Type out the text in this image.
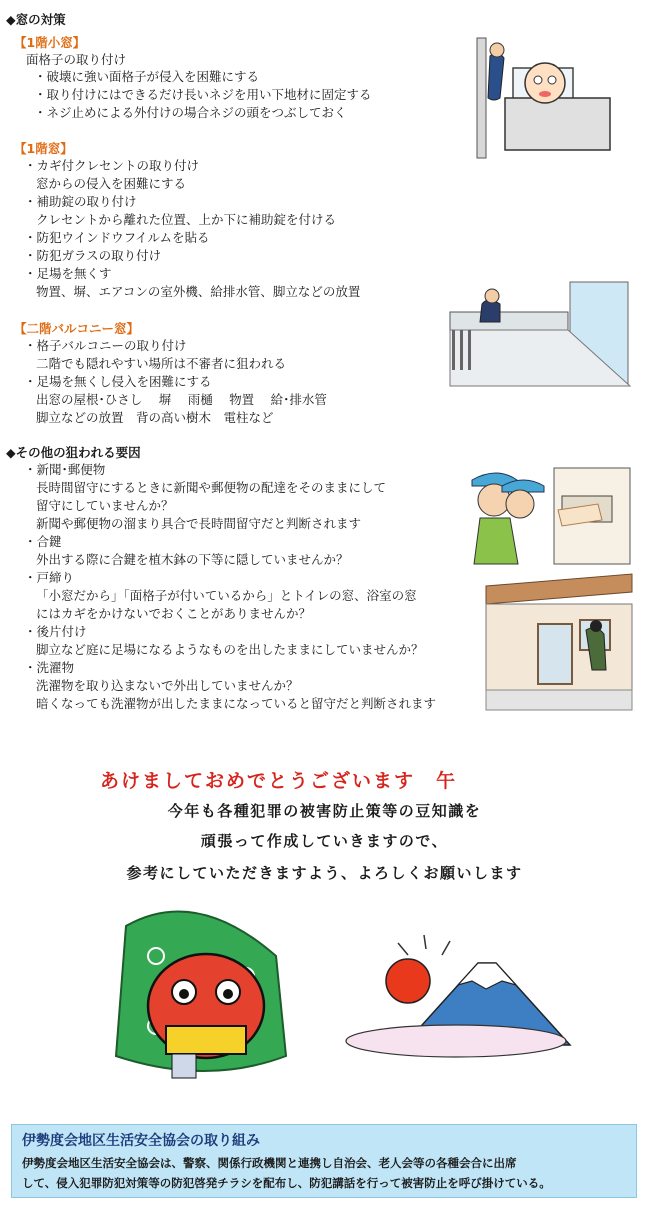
◆窓の対策
【1階小窓】
面格子の取り付け
・破壊に強い面格子が侵入を困難にする
・取り付けにはできるだけ長いネジを用い下地材に固定する
・ネジ止めによる外付けの場合ネジの頭をつぶしておく
【1階窓】
・カギ付クレセントの取り付け
窓からの侵入を困難にする
・補助錠の取り付け
クレセントから離れた位置、上か下に補助錠を付ける
・防犯ウインドウフイルムを貼る
・防犯ガラスの取り付け
・足場を無くす
物置、塀、エアコンの室外機、給排水管、脚立などの放置
【二階バルコニー窓】
・格子バルコニーの取り付け
二階でも隠れやすい場所は不審者に狙われる
・足場を無くし侵入を困難にする
出窓の屋根･ひさし　 塀　 雨樋　 物置　 給･排水管
脚立などの放置　背の高い樹木　電柱など
◆その他の狙われる要因
・新聞･郵便物
長時間留守にするときに新聞や郵便物の配達をそのままにして
留守にしていませんか？
新聞や郵便物の溜まり具合で長時間留守だと判断されます
・合鍵
外出する際に合鍵を植木鉢の下等に隠していませんか？
・戸締り
「小窓だから」「面格子が付いているから」とトイレの窓、浴室の窓
にはカギをかけないでおくことがありませんか？
・後片付け
脚立など庭に足場になるようなものを出したままにしていませんか？
・洗濯物
洗濯物を取り込まないで外出していませんか？
暗くなっても洗濯物が出したままになっていると留守だと判断されます
あけましておめでとうございます　午
今年も各種犯罪の被害防止策等の豆知識を
頑張って作成していきますので、
参考にしていただきますよう、よろしくお願いします
伊勢度会地区生活安全協会の取り組み
伊勢度会地区生活安全協会は、警察、関係行政機関と連携し自治会、老人会等の各種会合に出席
して、侵入犯罪防犯対策等の防犯啓発チラシを配布し、防犯講話を行って被害防止を呼び掛けている。
